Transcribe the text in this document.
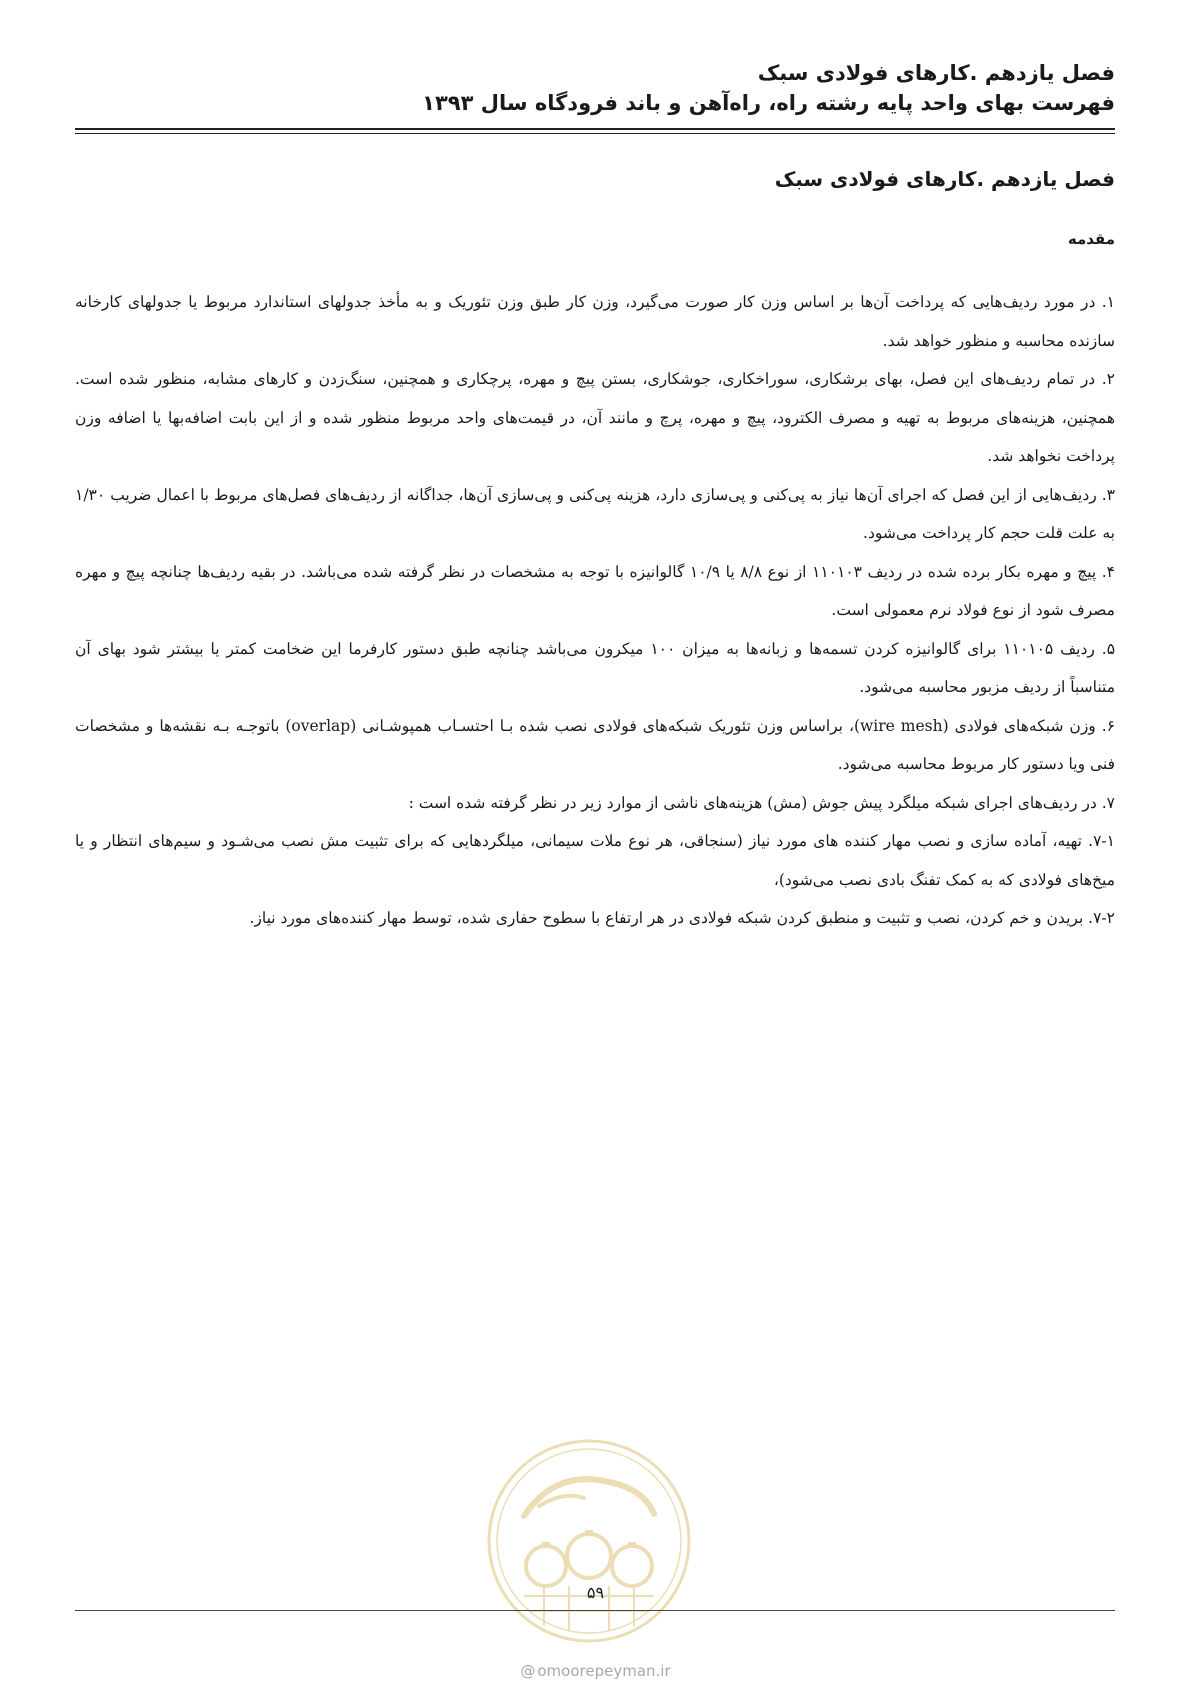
فصل یازدهم .کارهای فولادی سبک
فهرست بهای واحد پایه رشته راه، راه‌آهن و باند فرودگاه سال ۱۳۹۳
فصل یازدهم .کارهای فولادی سبک
مقدمه

۱. در مورد ردیف‌هایی که پرداخت آن‌ها بر اساس وزن کار صورت می‌گیرد، وزن کار طبق وزن تئوریک و به مأخذ جدولهای استاندارد مربوط یا جدولهای کارخانه سازنده محاسبه و منظور خواهد شد.

۲. در تمام ردیف‌های این فصل، بهای برشکاری، سوراخکاری، جوشکاری، بستن پیچ و مهره، پرچکاری و همچنین، سنگ‌زدن و کارهای مشابه، منظور شده است. همچنین، هزینه‌های مربوط به تهیه و مصرف الکترود، پیچ و مهره، پرچ و مانند آن، در قیمت‌های واحد مربوط منظور شده و از این بابت اضافه‌بها یا اضافه وزن پرداخت نخواهد شد.

۳. ردیف‌هایی از این فصل که اجرای آن‌ها نیاز به پی‌کنی و پی‌سازی دارد، هزینه پی‌کنی و پی‌سازی آن‌ها، جداگانه از ردیف‌های فصل‌های مربوط با اعمال ضریب ۱/۳۰ به علت قلت حجم کار پرداخت می‌شود.

۴. پیچ و مهره بکار برده شده در ردیف ۱۱۰۱۰۳ از نوع ۸/۸ یا ۱۰/۹ گالوانیزه با توجه به مشخصات در نظر گرفته شده می‌باشد. در بقیه ردیف‌ها چنانچه پیچ و مهره مصرف شود از نوع فولاد نرم معمولی است.

۵. ردیف ۱۱۰۱۰۵ برای گالوانیزه کردن تسمه‌ها و زبانه‌ها به میزان ۱۰۰ میکرون می‌باشد چنانچه طبق دستور کارفرما این ضخامت کمتر یا بیشتر شود بهای آن متناسباً از ردیف مزبور محاسبه می‌شود.

۶. وزن شبکه‌های فولادی (wire mesh)، براساس وزن تئوریک شبکه‌های فولادی نصب شده بـا احتسـاب همپوشـانی (overlap) باتوجـه بـه نقشه‌ها و مشخصات فنی ویا دستور کار مربوط محاسبه می‌شود.

۷. در ردیف‌های اجرای شبکه میلگرد پیش جوش (مش) هزینه‌های ناشی از موارد زیر در نظر گرفته شده است :

۷-۱. تهیه، آماده سازی و نصب مهار کننده های مورد نیاز (سنجاقی، هر نوع ملات سیمانی، میلگردهایی که برای تثبیت مش نصب می‌شـود و سیم‌های انتظار و یا میخ‌های فولادی که به کمک تفنگ بادی نصب می‌شود)،

۷-۲. بریدن و خم کردن، نصب و تثبیت و منطبق کردن شبکه فولادی در هر ارتفاع با سطوح حفاری شده، توسط مهار کننده‌های مورد نیاز.

۵۹
@ omoorepeyman.ir
